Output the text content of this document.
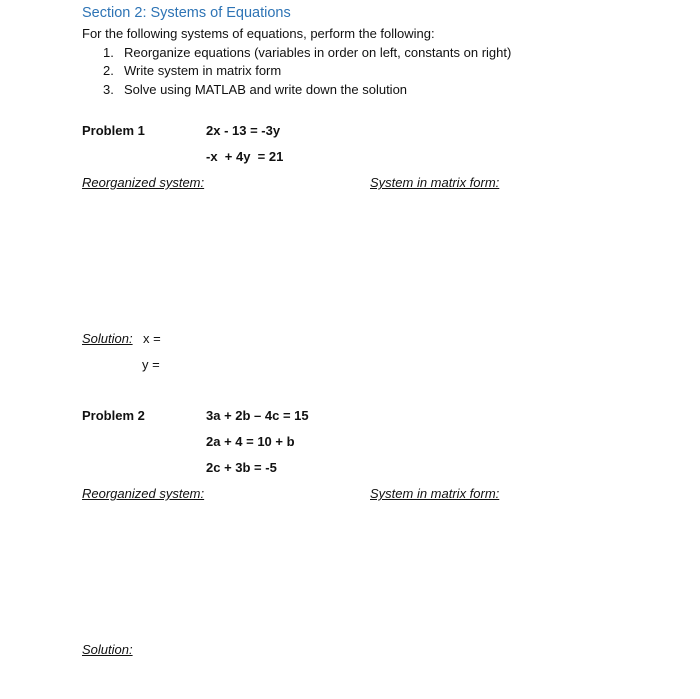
Section 2: Systems of Equations
For the following systems of equations, perform the following:
1. Reorganize equations (variables in order on left, constants on right)
2. Write system in matrix form
3. Solve using MATLAB and write down the solution
Problem 1	2x - 13 = -3y
-x  + 4y  = 21
Reorganized system:	System in matrix form:
Solution: x =
y =
Problem 2	3a + 2b – 4c = 15
2a + 4 = 10 + b
2c + 3b = -5
Reorganized system:	System in matrix form:
Solution:
